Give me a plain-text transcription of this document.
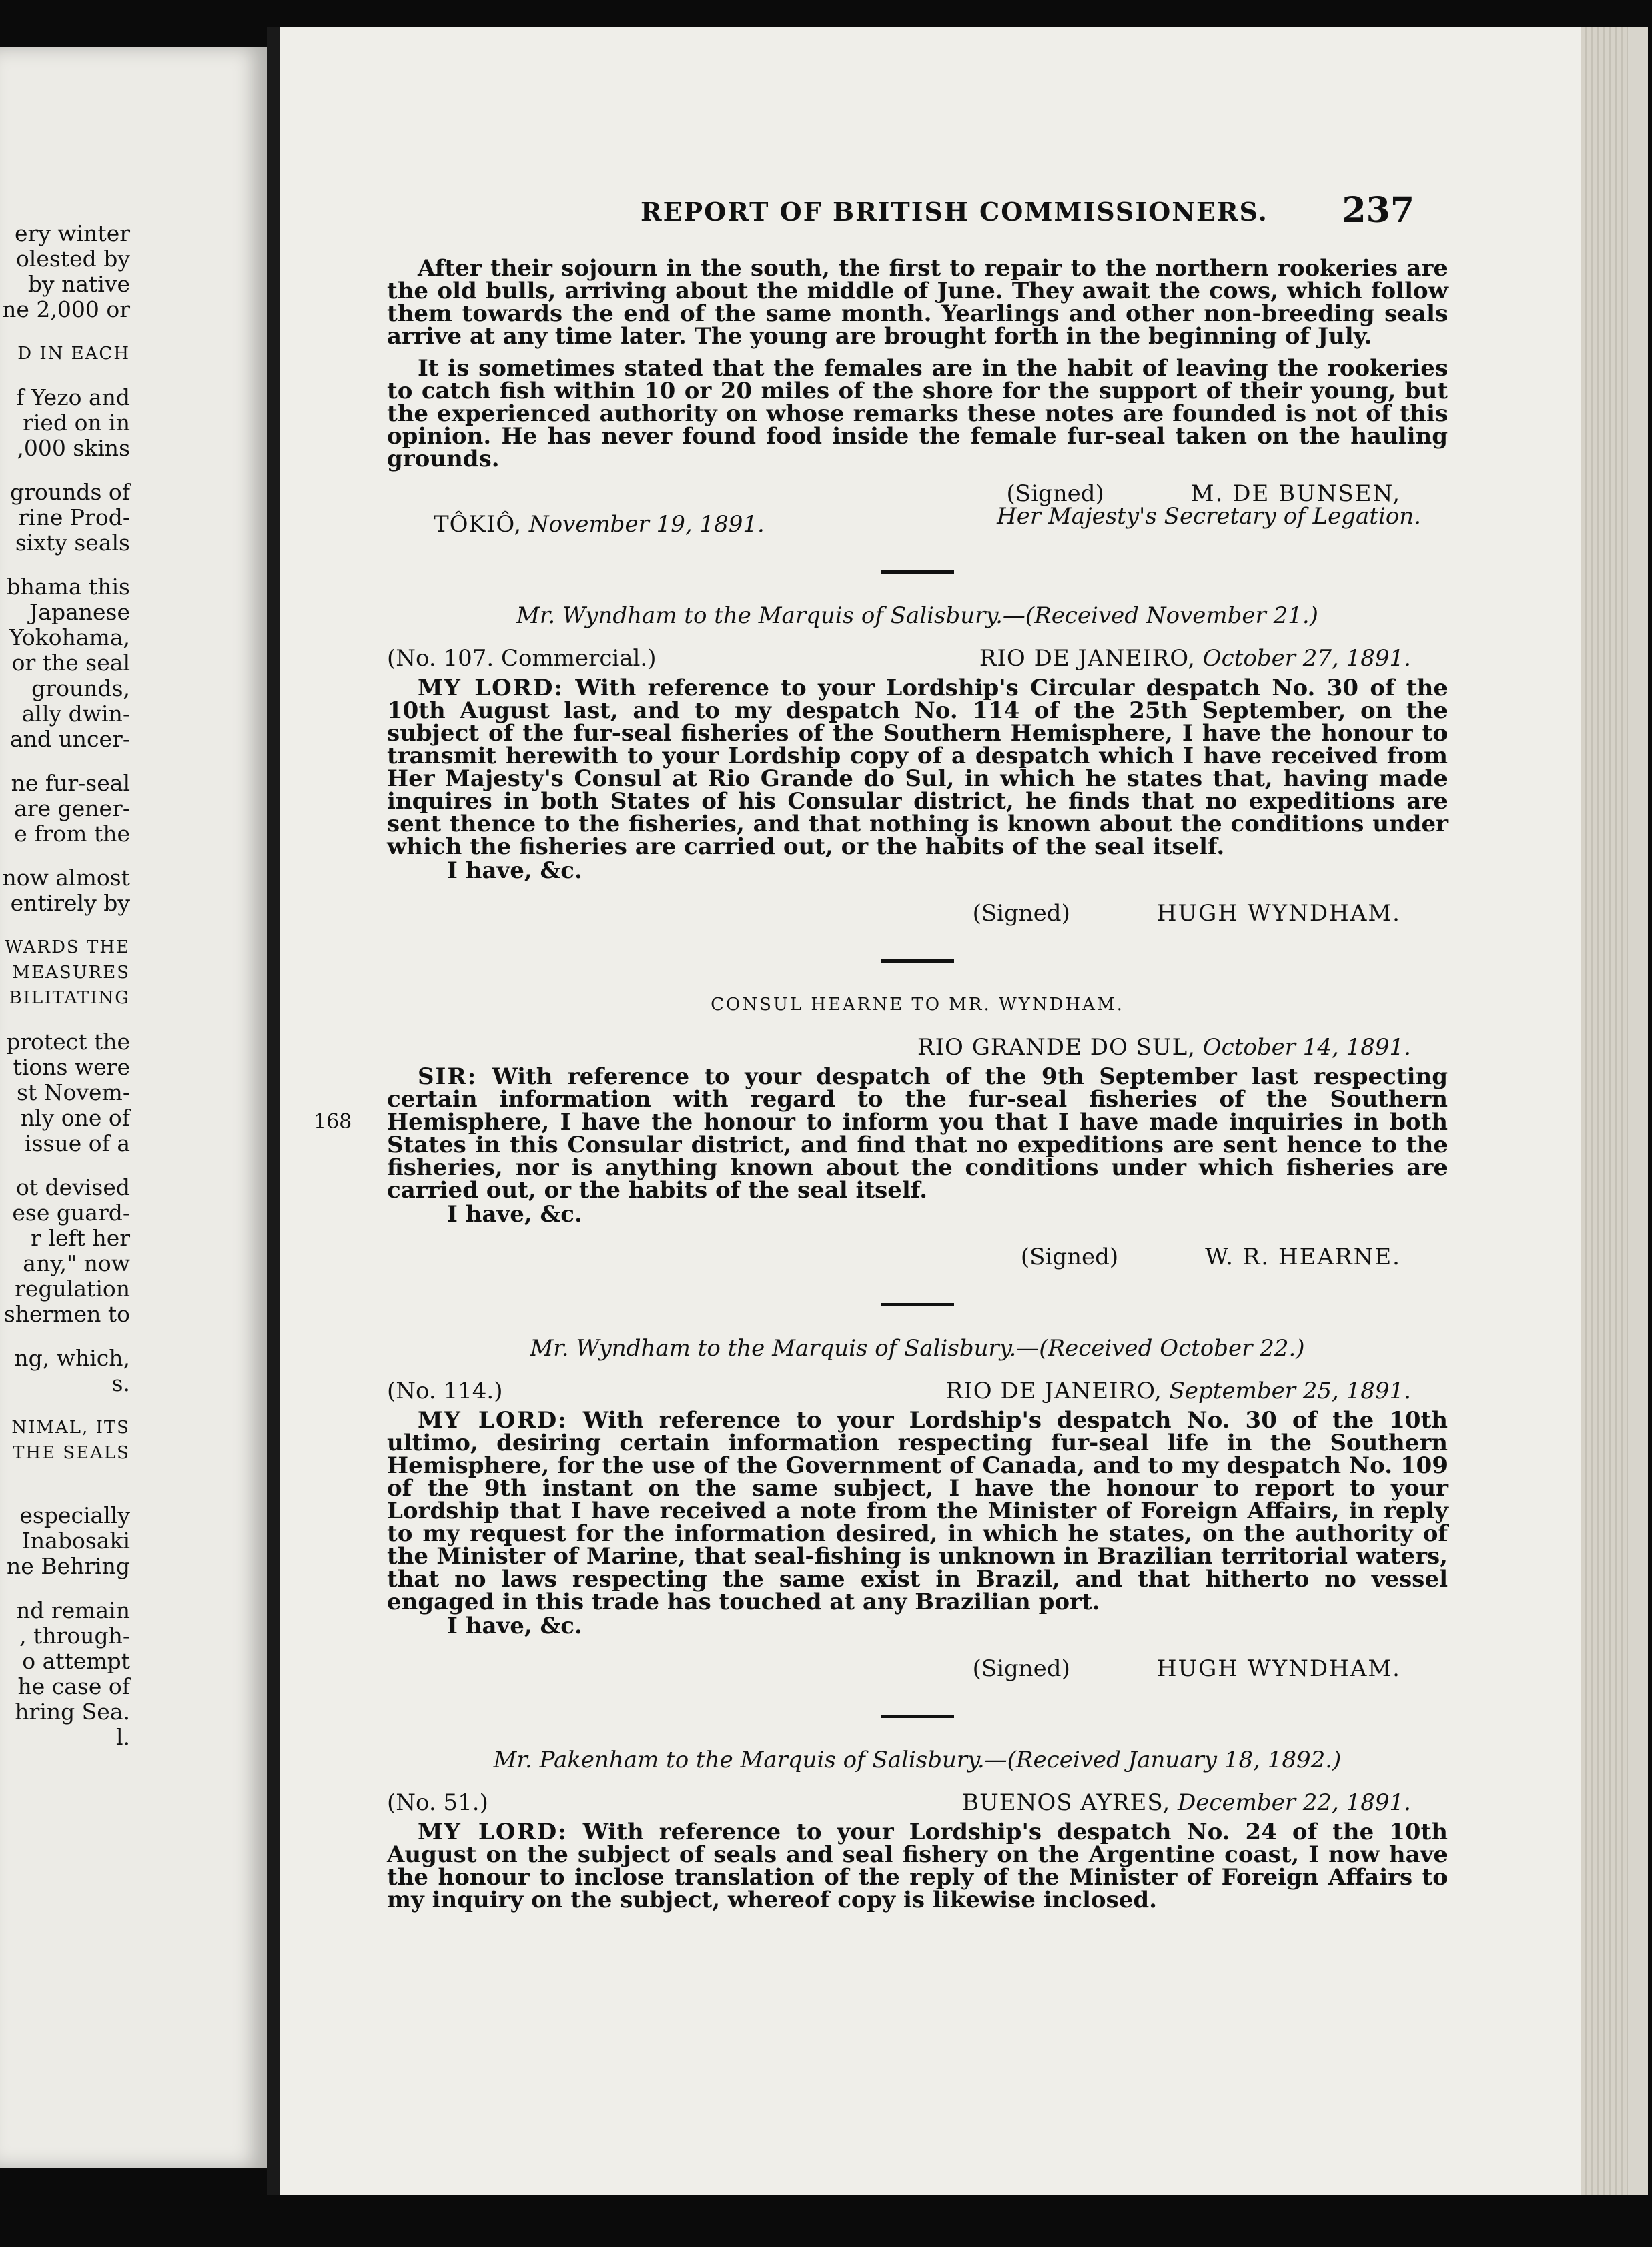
ery winter
olested by
by native
ne 2,000 or
D IN EACH
f Yezo and
ried on in
,000 skins
grounds of
rine Prod-
sixty seals
bhama this
Japanese
Yokohama,
or the seal
grounds,
ally dwin-
and uncer-
ne fur-seal
are gener-
e from the
now almost
entirely by
WARDS THE
MEASURES
BILITATING
protect the
tions were
st Novem-
nly one of
issue of a
ot devised
ese guard-
r left her
any," now
regulation
shermen to
ng, which,
s.
NIMAL, ITS
THE SEALS
especially
Inabosaki
ne Behring
nd remain
, through-
o attempt
he case of
hring Sea.
l.
REPORT OF BRITISH COMMISSIONERS. 237

After their sojourn in the south, the first to repair to the northern rookeries are the old bulls, arriving about the middle of June. They await the cows, which follow them towards the end of the same month. Yearlings and other non-breeding seals arrive at any time later. The young are brought forth in the beginning of July.

It is sometimes stated that the females are in the habit of leaving the rookeries to catch fish within 10 or 20 miles of the shore for the support of their young, but the experienced authority on whose remarks these notes are founded is not of this opinion. He has never found food inside the female fur-seal taken on the hauling grounds.

(Signed)	M. DE BUNSEN,
Her Majesty's Secretary of Legation.
TÔKIÔ, November 19, 1891.
Mr. Wyndham to the Marquis of Salisbury.—(Received November 21.)
(No. 107. Commercial.)	RIO DE JANEIRO, October 27, 1891.

MY LORD: With reference to your Lordship's Circular despatch No. 30 of the 10th August last, and to my despatch No. 114 of the 25th September, on the subject of the fur-seal fisheries of the Southern Hemisphere, I have the honour to transmit herewith to your Lordship copy of a despatch which I have received from Her Majesty's Consul at Rio Grande do Sul, in which he states that, having made inquires in both States of his Consular district, he finds that no expeditions are sent thence to the fisheries, and that nothing is known about the conditions under which the fisheries are carried out, or the habits of the seal itself.

I have, &c.
(Signed)	HUGH WYNDHAM.
CONSUL HEARNE TO MR. WYNDHAM.
RIO GRANDE DO SUL, October 14, 1891.
168

SIR: With reference to your despatch of the 9th September last respecting certain information with regard to the fur-seal fisheries of the Southern Hemisphere, I have the honour to inform you that I have made inquiries in both States in this Consular district, and find that no expeditions are sent hence to the fisheries, nor is anything known about the conditions under which fisheries are carried out, or the habits of the seal itself.

I have, &c.
(Signed)	W. R. HEARNE.
Mr. Wyndham to the Marquis of Salisbury.—(Received October 22.)
(No. 114.)	RIO DE JANEIRO, September 25, 1891.

MY LORD: With reference to your Lordship's despatch No. 30 of the 10th ultimo, desiring certain information respecting fur-seal life in the Southern Hemisphere, for the use of the Government of Canada, and to my despatch No. 109 of the 9th instant on the same subject, I have the honour to report to your Lordship that I have received a note from the Minister of Foreign Affairs, in reply to my request for the information desired, in which he states, on the authority of the Minister of Marine, that seal-fishing is unknown in Brazilian territorial waters, that no laws respecting the same exist in Brazil, and that hitherto no vessel engaged in this trade has touched at any Brazilian port.

I have, &c.
(Signed)	HUGH WYNDHAM.
Mr. Pakenham to the Marquis of Salisbury.—(Received January 18, 1892.)
(No. 51.)	BUENOS AYRES, December 22, 1891.

MY LORD: With reference to your Lordship's despatch No. 24 of the 10th August on the subject of seals and seal fishery on the Argentine coast, I now have the honour to inclose translation of the reply of the Minister of Foreign Affairs to my inquiry on the subject, whereof copy is likewise inclosed.
